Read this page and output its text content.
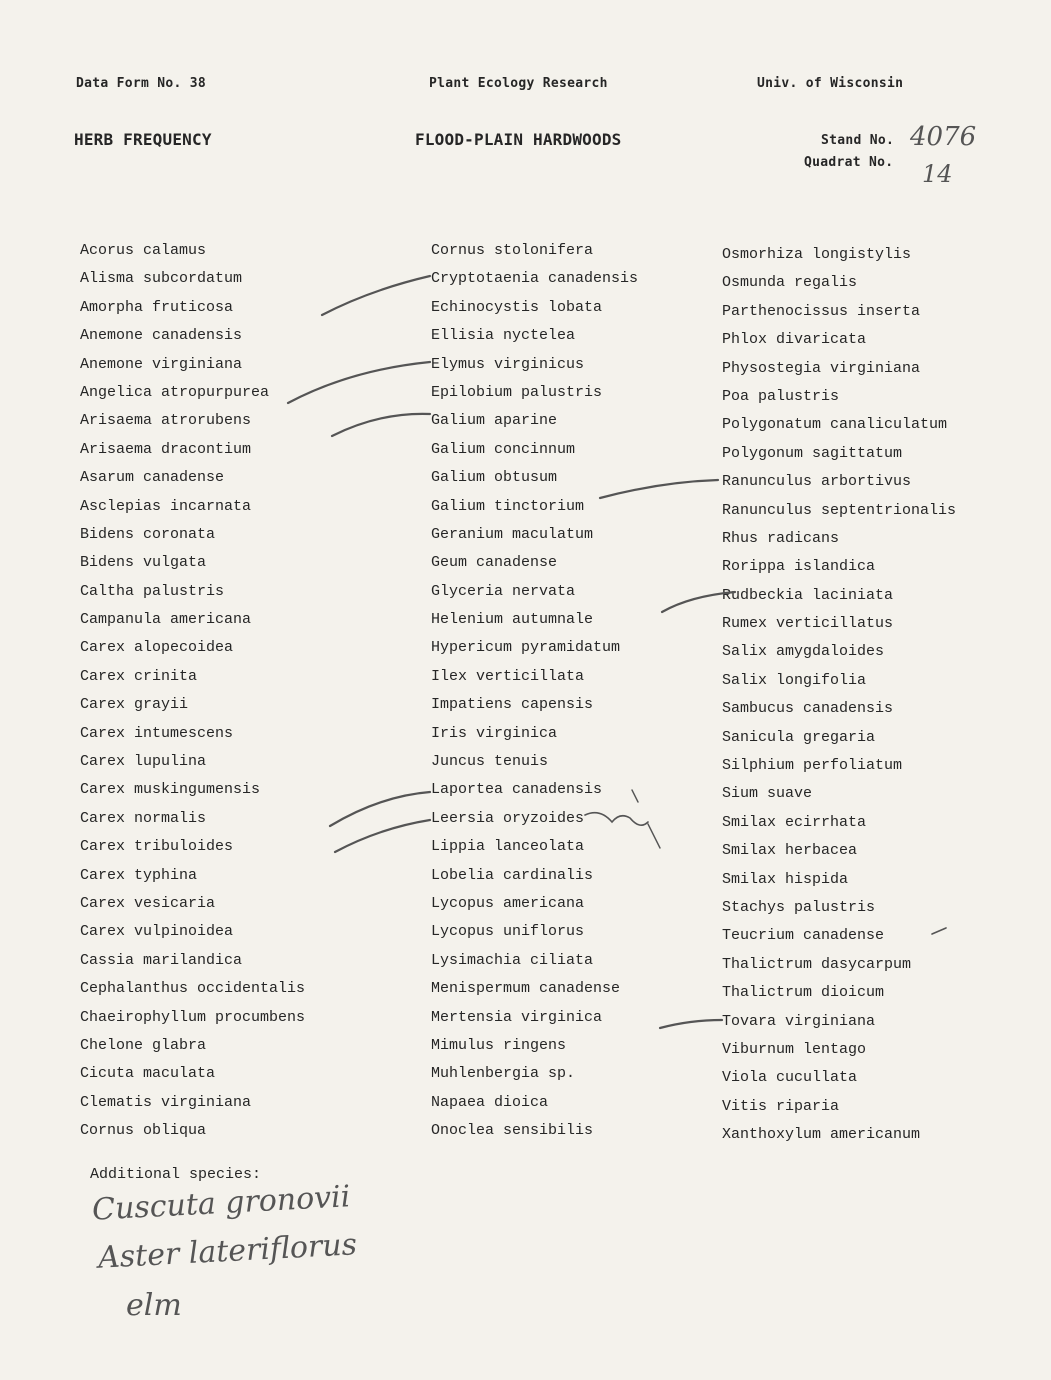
Data Form No. 38	Plant Ecology Research	Univ. of Wisconsin
HERB FREQUENCY	FLOOD-PLAIN HARDWOODS	Stand No. 4076
Quadrat No. 14
Acorus calamus
Alisma subcordatum
Amorpha fruticosa
Anemone canadensis
Anemone virginiana
Angelica atropurpurea
Arisaema atrorubens
Arisaema dracontium
Asarum canadense
Asclepias incarnata
Bidens coronata
Bidens vulgata
Caltha palustris
Campanula americana
Carex alopecoidea
Carex crinita
Carex grayii
Carex intumescens
Carex lupulina
Carex muskingumensis
Carex normalis
Carex tribuloides
Carex typhina
Carex vesicaria
Carex vulpinoidea
Cassia marilandica
Cephalanthus occidentalis
Chaeirophyllum procumbens
Chelone glabra
Cicuta maculata
Clematis virginiana
Cornus obliqua
Cornus stolonifera
Cryptotaenia canadensis
Echinocystis lobata
Ellisia nyctelea
Elymus virginicus
Epilobium palustris
Galium aparine
Galium concinnum
Galium obtusum
Galium tinctorium
Geranium maculatum
Geum canadense
Glyceria nervata
Helenium autumnale
Hypericum pyramidatum
Ilex verticillata
Impatiens capensis
Iris virginica
Juncus tenuis
Laportea canadensis
Leersia oryzoides
Lippia lanceolata
Lobelia cardinalis
Lycopus americana
Lycopus uniflorus
Lysimachia ciliata
Menispermum canadense
Mertensia virginica
Mimulus ringens
Muhlenbergia sp.
Napaea dioica
Onoclea sensibilis
Osmorhiza longistylis
Osmunda regalis
Parthenocissus inserta
Phlox divaricata
Physostegia virginiana
Poa palustris
Polygonatum canaliculatum
Polygonum sagittatum
Ranunculus arbortivus
Ranunculus septentrionalis
Rhus radicans
Rorippa islandica
Rudbeckia laciniata
Rumex verticillatus
Salix amygdaloides
Salix longifolia
Sambucus canadensis
Sanicula gregaria
Silphium perfoliatum
Sium suave
Smilax ecirrhata
Smilax herbacea
Smilax hispida
Stachys palustris
Teucrium canadense
Thalictrum dasycarpum
Thalictrum dioicum
Tovara virginiana
Viburnum lentago
Viola cucullata
Vitis riparia
Xanthoxylum americanum
Additional species:
Cuscuta gronovii
Aster lateriflorus
elm
